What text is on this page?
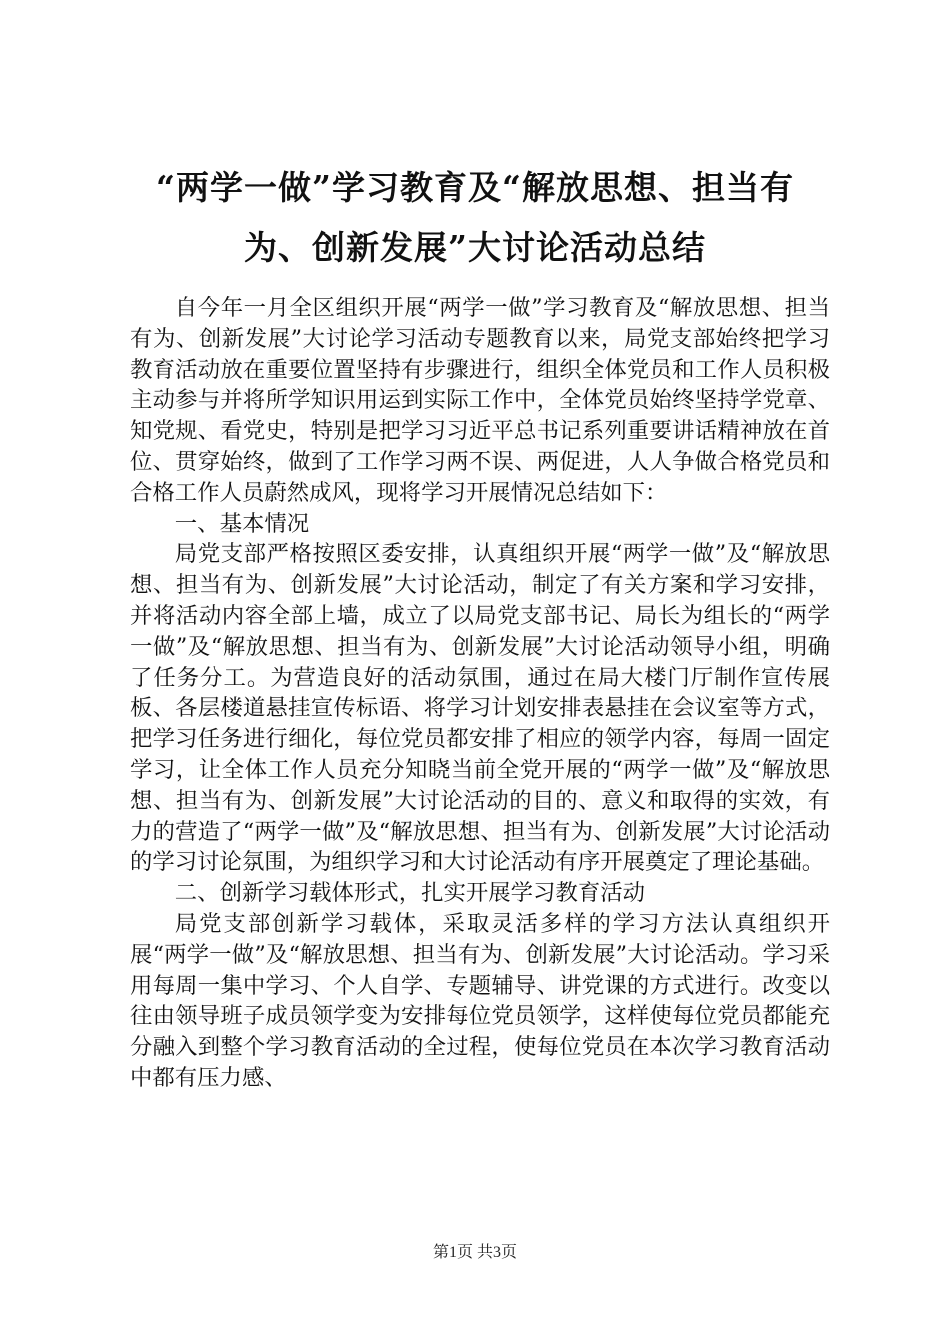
“两学一做”学习教育及“解放思想、担当有
为、创新发展”大讨论活动总结

自今年一月全区组织开展“两学一做”学习教育及“解放思想、担当有为、创新发展”大讨论学习活动专题教育以来，局党支部始终把学习教育活动放在重要位置坚持有步骤进行，组织全体党员和工作人员积极主动参与并将所学知识用运到实际工作中，全体党员始终坚持学党章、知党规、看党史，特别是把学习习近平总书记系列重要讲话精神放在首位、贯穿始终，做到了工作学习两不误、两促进，人人争做合格党员和合格工作人员蔚然成风，现将学习开展情况总结如下：

一、基本情况

局党支部严格按照区委安排，认真组织开展“两学一做”及“解放思想、担当有为、创新发展”大讨论活动，制定了有关方案和学习安排，并将活动内容全部上墙，成立了以局党支部书记、局长为组长的“两学一做”及“解放思想、担当有为、创新发展”大讨论活动领导小组，明确了任务分工。为营造良好的活动氛围，通过在局大楼门厅制作宣传展板、各层楼道悬挂宣传标语、将学习计划安排表悬挂在会议室等方式，把学习任务进行细化，每位党员都安排了相应的领学内容，每周一固定学习，让全体工作人员充分知晓当前全党开展的“两学一做”及“解放思想、担当有为、创新发展”大讨论活动的目的、意义和取得的实效，有力的营造了“两学一做”及“解放思想、担当有为、创新发展”大讨论活动的学习讨论氛围，为组织学习和大讨论活动有序开展奠定了理论基础。

二、创新学习载体形式，扎实开展学习教育活动

局党支部创新学习载体，采取灵活多样的学习方法认真组织开展“两学一做”及“解放思想、担当有为、创新发展”大讨论活动。学习采用每周一集中学习、个人自学、专题辅导、讲党课的方式进行。改变以往由领导班子成员领学变为安排每位党员领学，这样使每位党员都能充分融入到整个学习教育活动的全过程，使每位党员在本次学习教育活动中都有压力感、

第1页 共3页
